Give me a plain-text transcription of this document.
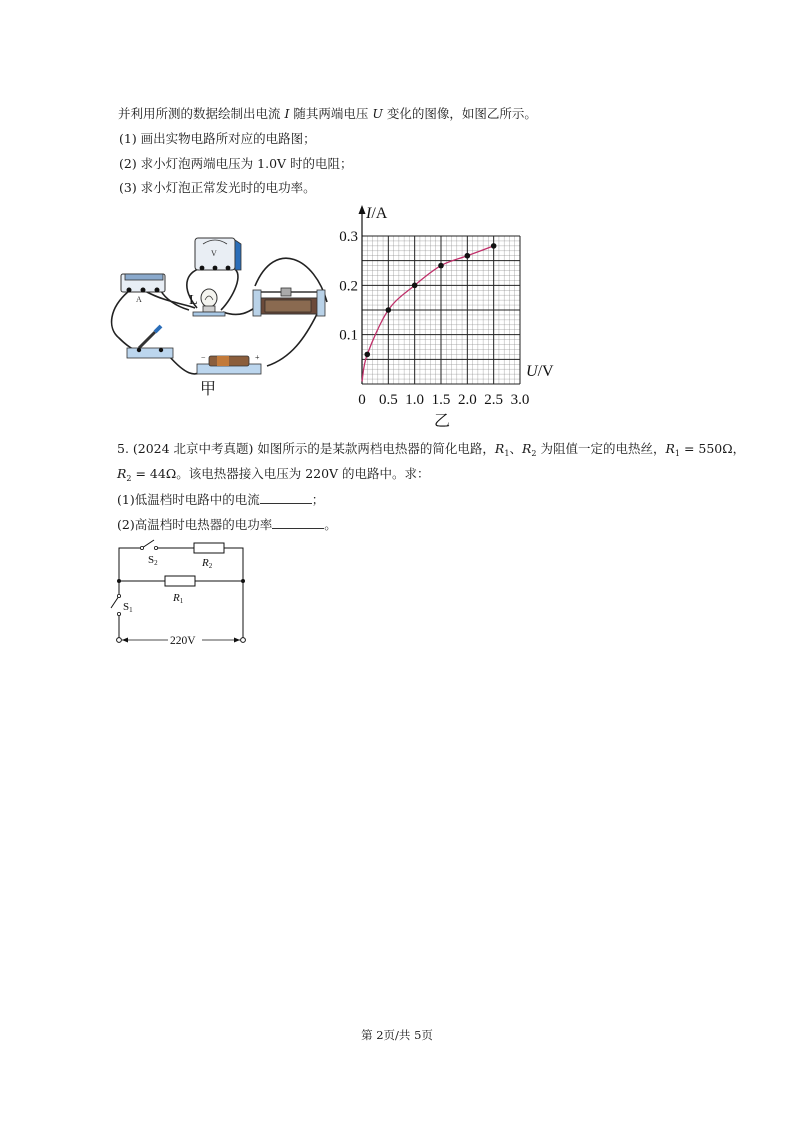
并利用所测的数据绘制出电流 I 随其两端电压 U 变化的图像，如图乙所示。
(1) 画出实物电路所对应的电路图；
(2) 求小灯泡两端电压为 1.0V 时的电阻；
(3) 求小灯泡正常发光时的电功率。
A
V
L
−	+
甲
I/A
U/V
0 0.5 1.0 1.5 2.0 2.5 3.0
0.1
0.2
0.3
乙
5. (2024 北京中考真题) 如图所示的是某款两档电热器的简化电路，$R_1$、$R_2$ 为阻值一定的电热丝，$R_1 = 550\Omega$，
$R_2 = 44\Omega$。该电热器接入电压为 220V 的电路中。求：
(1)低温档时电路中的电流	；
(2)高温档时电热器的电功率	。
S2	R2
R1
S1
220V
第 2页/共 5页
